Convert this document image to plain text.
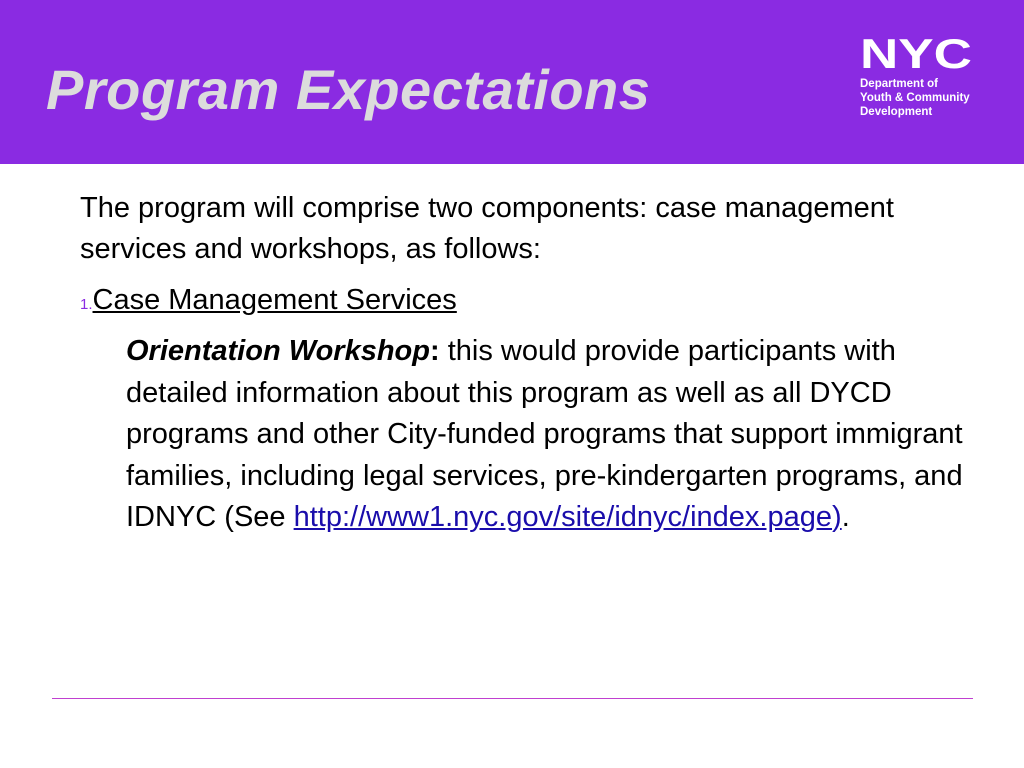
Program Expectations
NYC
Department of
Youth & Community
Development

The program will comprise two components: case management services and workshops, as follows:

1.Case Management Services

Orientation Workshop: this would provide participants with detailed information about this program as well as all DYCD programs and other City-funded programs that support immigrant families, including legal services, pre-kindergarten programs, and IDNYC (See http://www1.nyc.gov/site/idnyc/index.page).
